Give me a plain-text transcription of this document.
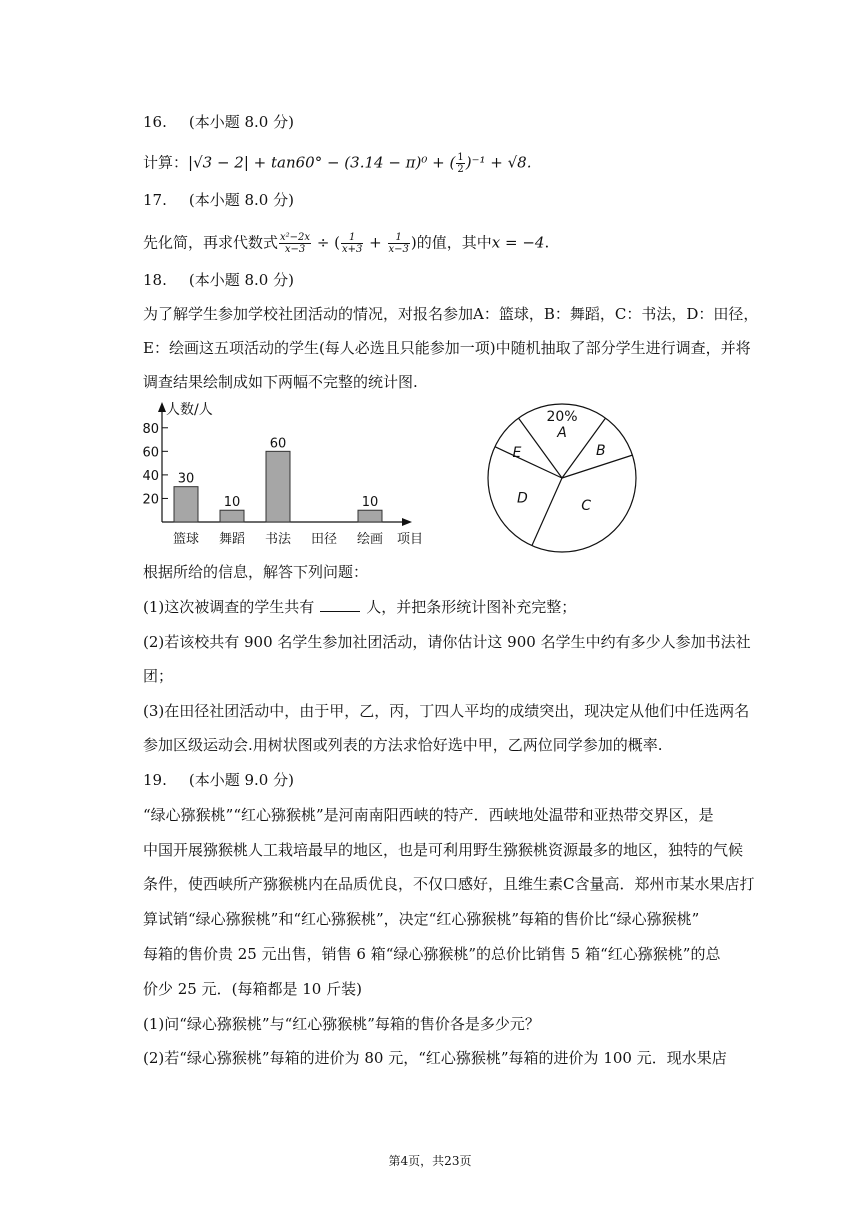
16. (本小题 8.0 分)
计算：|√3 − 2| + tan60° − (3.14 − π)⁰ + ( $\frac{1}{2} )^{-1} + √8$.
17. (本小题 8.0 分)
先化简，再求代数式 $\frac{\text{x²−2x}}{x-3}$ ÷ ( $\frac{1}{x+3} + \frac{1}{x-3}$ )的值，其中x = −4.
18. (本小题 8.0 分)
为了解学生参加学校社团活动的情况，对报名参加A：篮球，B：舞蹈，C：书法，D：田径，
E：绘画这五项活动的学生(每人必选且只能参加一项)中随机抽取了部分学生进行调查，并将
调查结果绘制成如下两幅不完整的统计图.
人数/人
20
40
60
80
30
篮球
10
舞蹈
60
书法 田径
10
绘画 项目
A
20%
B
C
D
E
根据所给的信息，解答下列问题：
(1)这次被调查的学生共有	人，并把条形统计图补充完整；
(2)若该校共有 900 名学生参加社团活动，请你估计这 900 名学生中约有多少人参加书法社
团；
(3)在田径社团活动中，由于甲，乙，丙，丁四人平均的成绩突出，现决定从他们中任选两名
参加区级运动会.用树状图或列表的方法求恰好选中甲，乙两位同学参加的概率.
19. (本小题 9.0 分)
“绿心猕猴桃”“红心猕猴桃”是河南南阳西峡的特产．西峡地处温带和亚热带交界区，是
中国开展猕猴桃人工栽培最早的地区，也是可利用野生猕猴桃资源最多的地区，独特的气候
条件，使西峡所产猕猴桃内在品质优良，不仅口感好，且维生素C含量高．郑州市某水果店打
算试销“绿心猕猴桃”和“红心猕猴桃”，决定“红心猕猴桃”每箱的售价比“绿心猕猴桃”
每箱的售价贵 25 元出售，销售 6 箱“绿心猕猴桃”的总价比销售 5 箱“红心猕猴桃”的总
价少 25 元．(每箱都是 10 斤装)
(1)问“绿心猕猴桃”与“红心猕猴桃”每箱的售价各是多少元？
(2)若“绿心猕猴桃”每箱的进价为 80 元，“红心猕猴桃”每箱的进价为 100 元．现水果店
第4页，共23页
